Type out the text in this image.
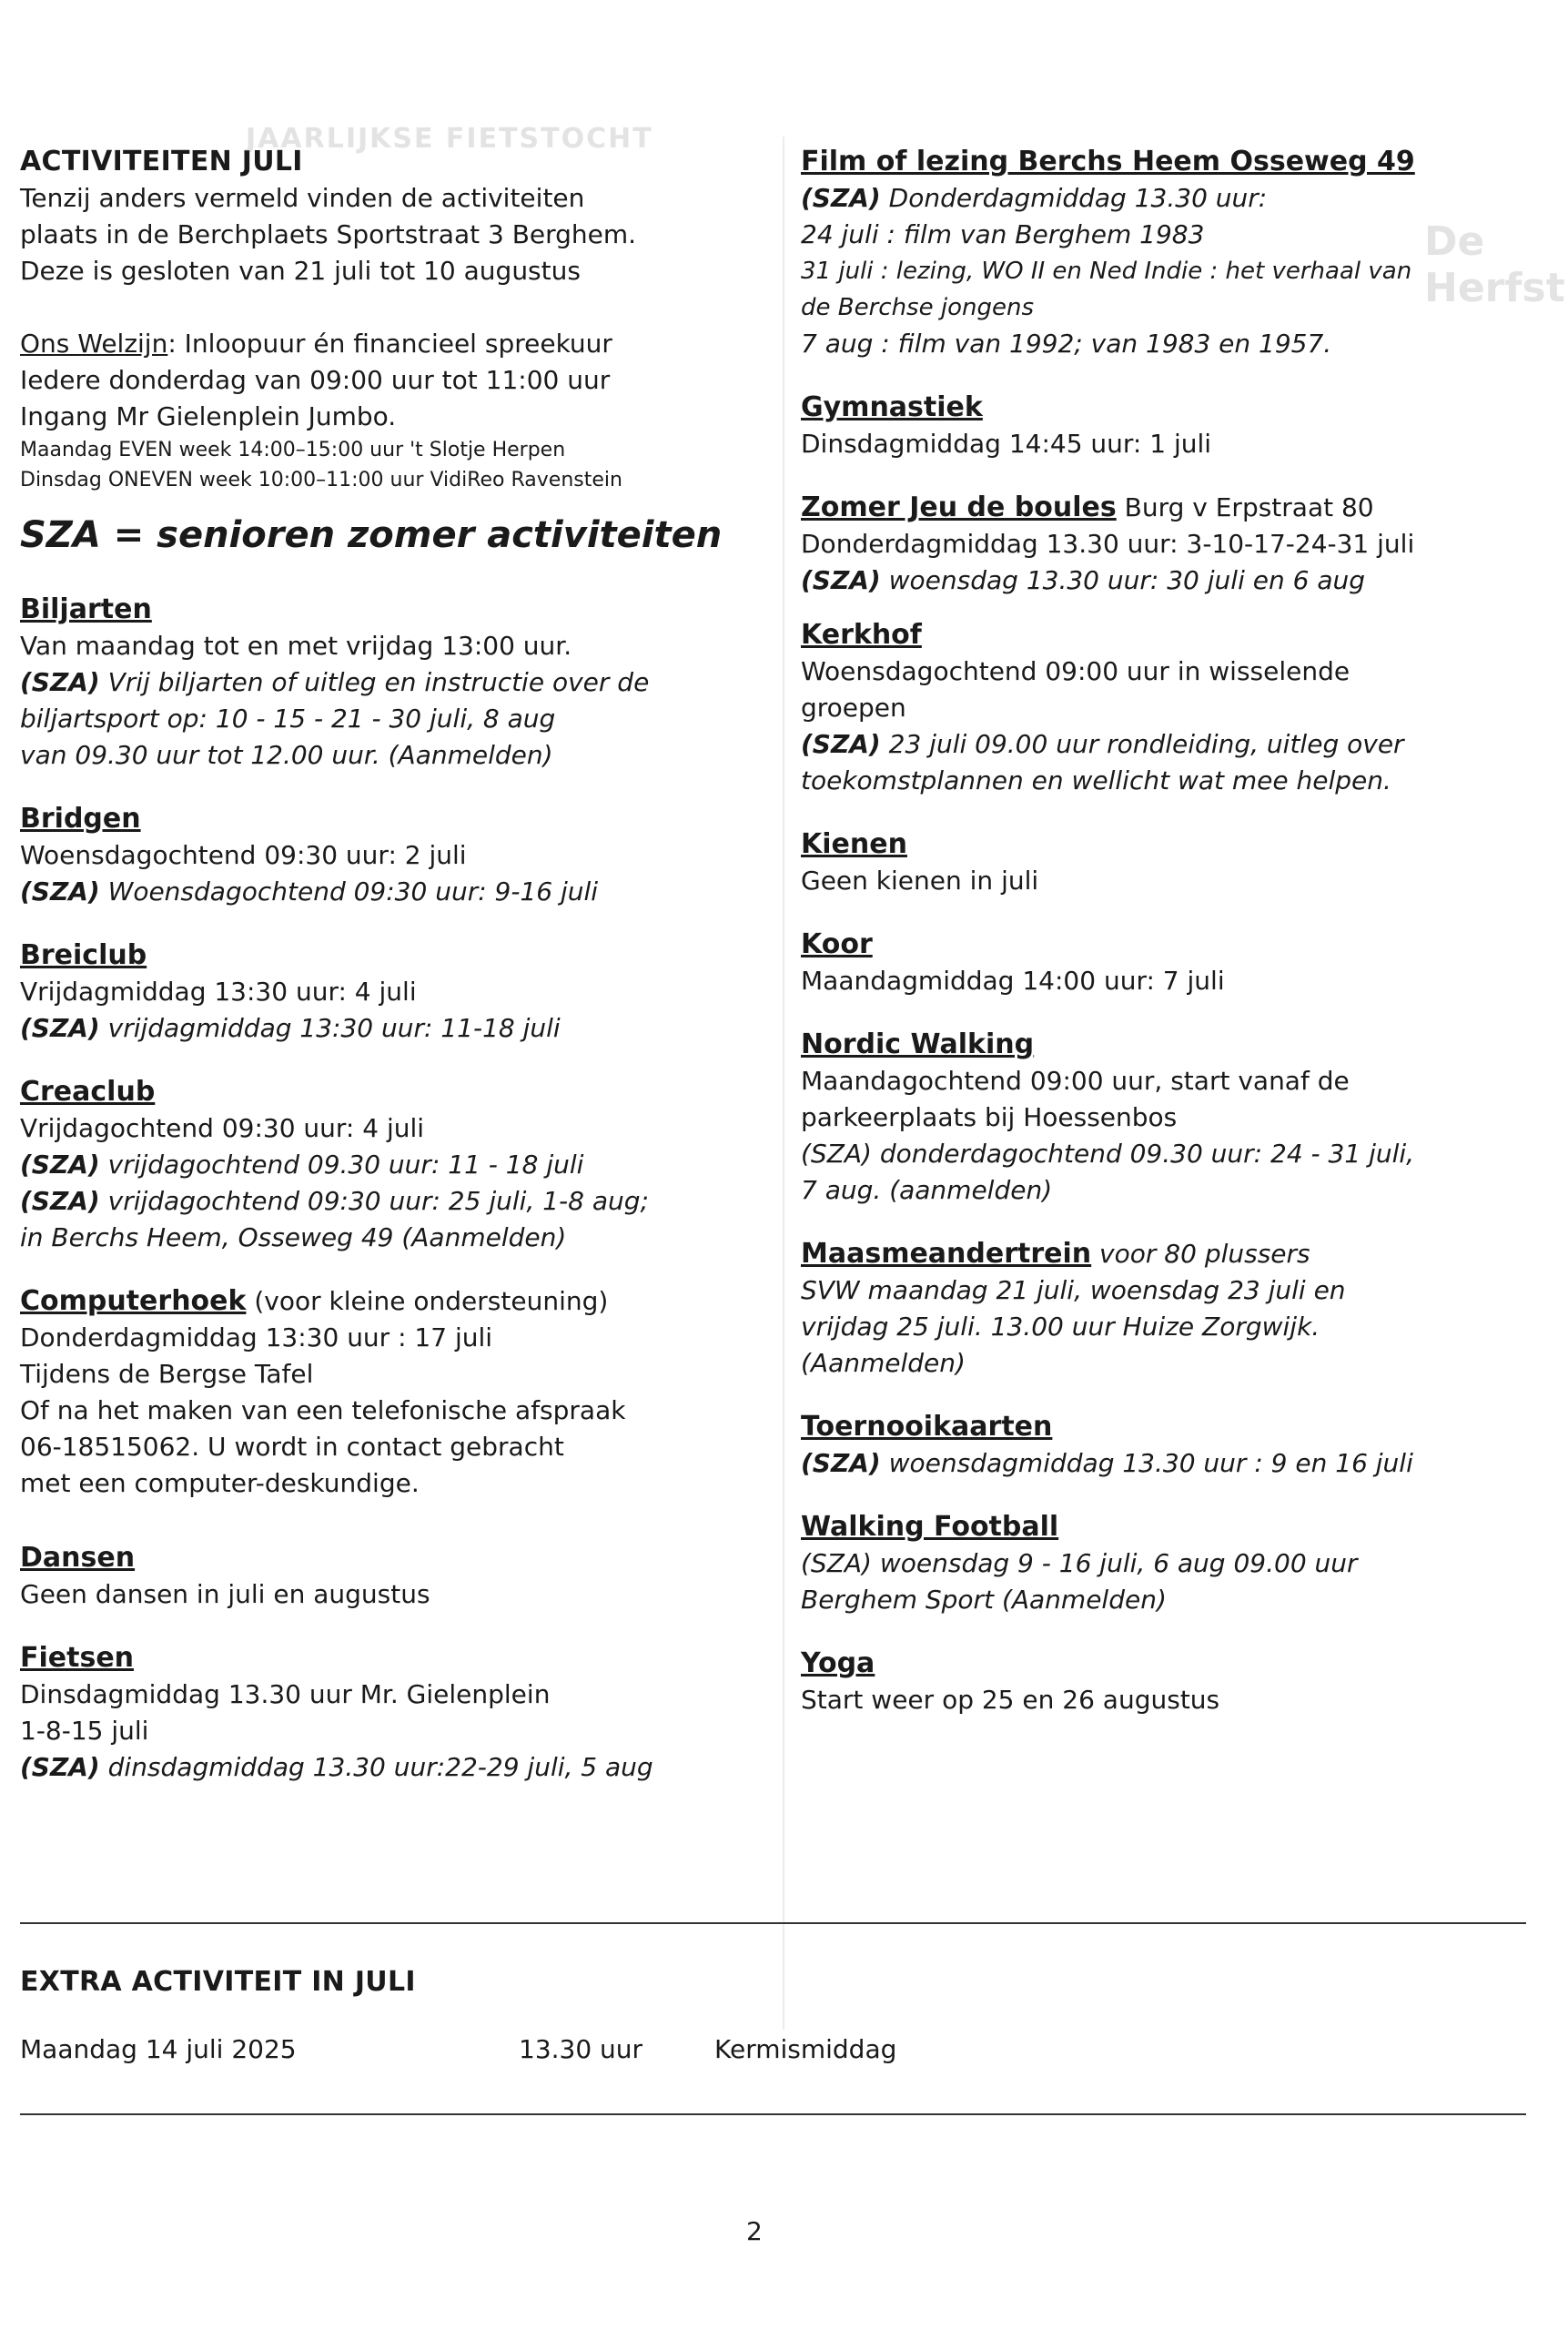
JAARLIJKSE FIETSTOCHT
De Herfst
ACTIVITEITEN JULI
Tenzij anders vermeld vinden de activiteiten
plaats in de Berchplaets Sportstraat 3 Berghem.
Deze is gesloten van 21 juli tot 10 augustus
Ons Welzijn: Inloopuur én financieel spreekuur
Iedere donderdag van 09:00 uur tot 11:00 uur
Ingang Mr Gielenplein Jumbo.
Maandag EVEN week 14:00–15:00 uur 't Slotje Herpen
Dinsdag ONEVEN week 10:00–11:00 uur VidiReo Ravenstein
SZA = senioren zomer activiteiten
Biljarten
Van maandag tot en met vrijdag 13:00 uur.
(SZA) Vrij biljarten of uitleg en instructie over de
biljartsport op: 10 - 15 - 21 - 30 juli, 8 aug
van 09.30 uur tot 12.00 uur. (Aanmelden)
Bridgen
Woensdagochtend 09:30 uur: 2 juli
(SZA) Woensdagochtend 09:30 uur: 9-16 juli
Breiclub
Vrijdagmiddag 13:30 uur: 4 juli
(SZA) vrijdagmiddag 13:30 uur: 11-18 juli
Creaclub
Vrijdagochtend 09:30 uur: 4 juli
(SZA) vrijdagochtend 09.30 uur: 11 - 18 juli
(SZA) vrijdagochtend 09:30 uur: 25 juli, 1-8 aug;
in Berchs Heem, Osseweg 49 (Aanmelden)
Computerhoek (voor kleine ondersteuning)
Donderdagmiddag 13:30 uur : 17 juli
Tijdens de Bergse Tafel
Of na het maken van een telefonische afspraak
06-18515062. U wordt in contact gebracht
met een computer-deskundige.
Dansen
Geen dansen in juli en augustus
Fietsen
Dinsdagmiddag 13.30 uur Mr. Gielenplein
1-8-15 juli
(SZA) dinsdagmiddag 13.30 uur:22-29 juli, 5 aug
Film of lezing Berchs Heem Osseweg 49
(SZA) Donderdagmiddag 13.30 uur:
24 juli : film van Berghem 1983
31 juli : lezing, WO II en Ned Indie : het verhaal van
de Berchse jongens
7 aug : film van 1992; van 1983 en 1957.
Gymnastiek
Dinsdagmiddag 14:45 uur: 1 juli
Zomer Jeu de boules Burg v Erpstraat 80
Donderdagmiddag 13.30 uur: 3-10-17-24-31 juli
(SZA) woensdag 13.30 uur: 30 juli en 6 aug
Kerkhof
Woensdagochtend 09:00 uur in wisselende
groepen
(SZA) 23 juli 09.00 uur rondleiding, uitleg over
toekomstplannen en wellicht wat mee helpen.
Kienen
Geen kienen in juli
Koor
Maandagmiddag 14:00 uur: 7 juli
Nordic Walking
Maandagochtend 09:00 uur, start vanaf de
parkeerplaats bij Hoessenbos
(SZA) donderdagochtend 09.30 uur: 24 - 31 juli,
7 aug. (aanmelden)
Maasmeandertrein voor 80 plussers
SVW maandag 21 juli, woensdag 23 juli en
vrijdag 25 juli. 13.00 uur Huize Zorgwijk.
(Aanmelden)
Toernooikaarten
(SZA) woensdagmiddag 13.30 uur : 9 en 16 juli
Walking Football
(SZA) woensdag 9 - 16 juli, 6 aug 09.00 uur
Berghem Sport (Aanmelden)
Yoga
Start weer op 25 en 26 augustus
EXTRA ACTIVITEIT IN JULI
Maandag 14 juli 2025	13.30 uur	Kermismiddag
2
